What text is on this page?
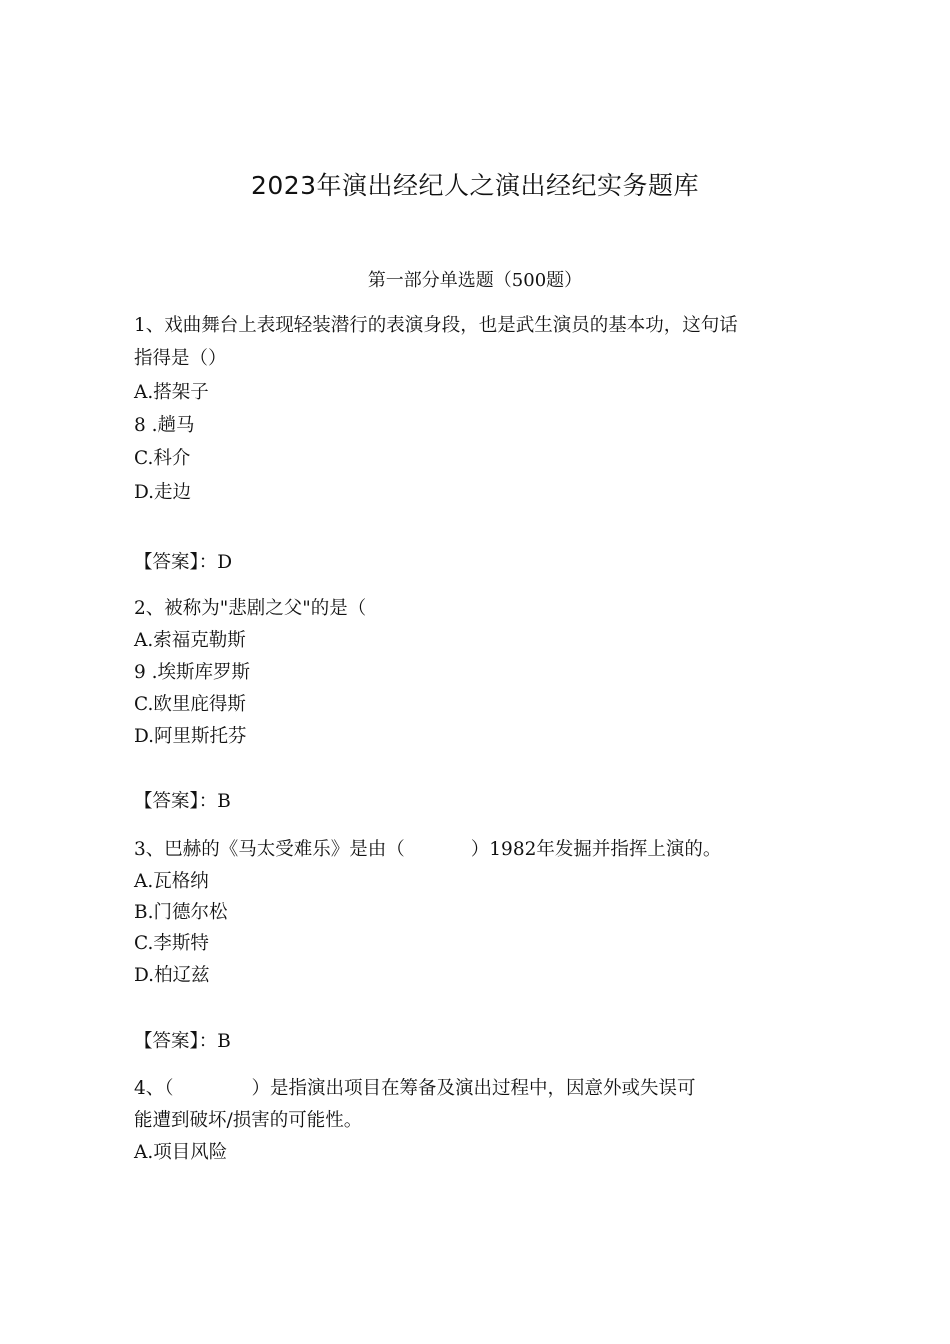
2023年演出经纪人之演出经纪实务题库
第一部分单选题（500题）
1、戏曲舞台上表现轻装潜行的表演身段，也是武生演员的基本功，这句话
指得是（）
A.搭架子
8 .趟马
C.科介
D.走边
【答案】：D
2、被称为"悲剧之父"的是（
A.索福克勒斯
9 .埃斯库罗斯
C.欧里庇得斯
D.阿里斯托芬
【答案】：B
3、巴赫的《马太受难乐》是由（	）1982年发掘并指挥上演的。
A.瓦格纳
B.门德尔松
C.李斯特
D.柏辽兹
【答案】：B
4、（	）是指演出项目在筹备及演出过程中，因意外或失误可
能遭到破坏/损害的可能性。
A.项目风险
